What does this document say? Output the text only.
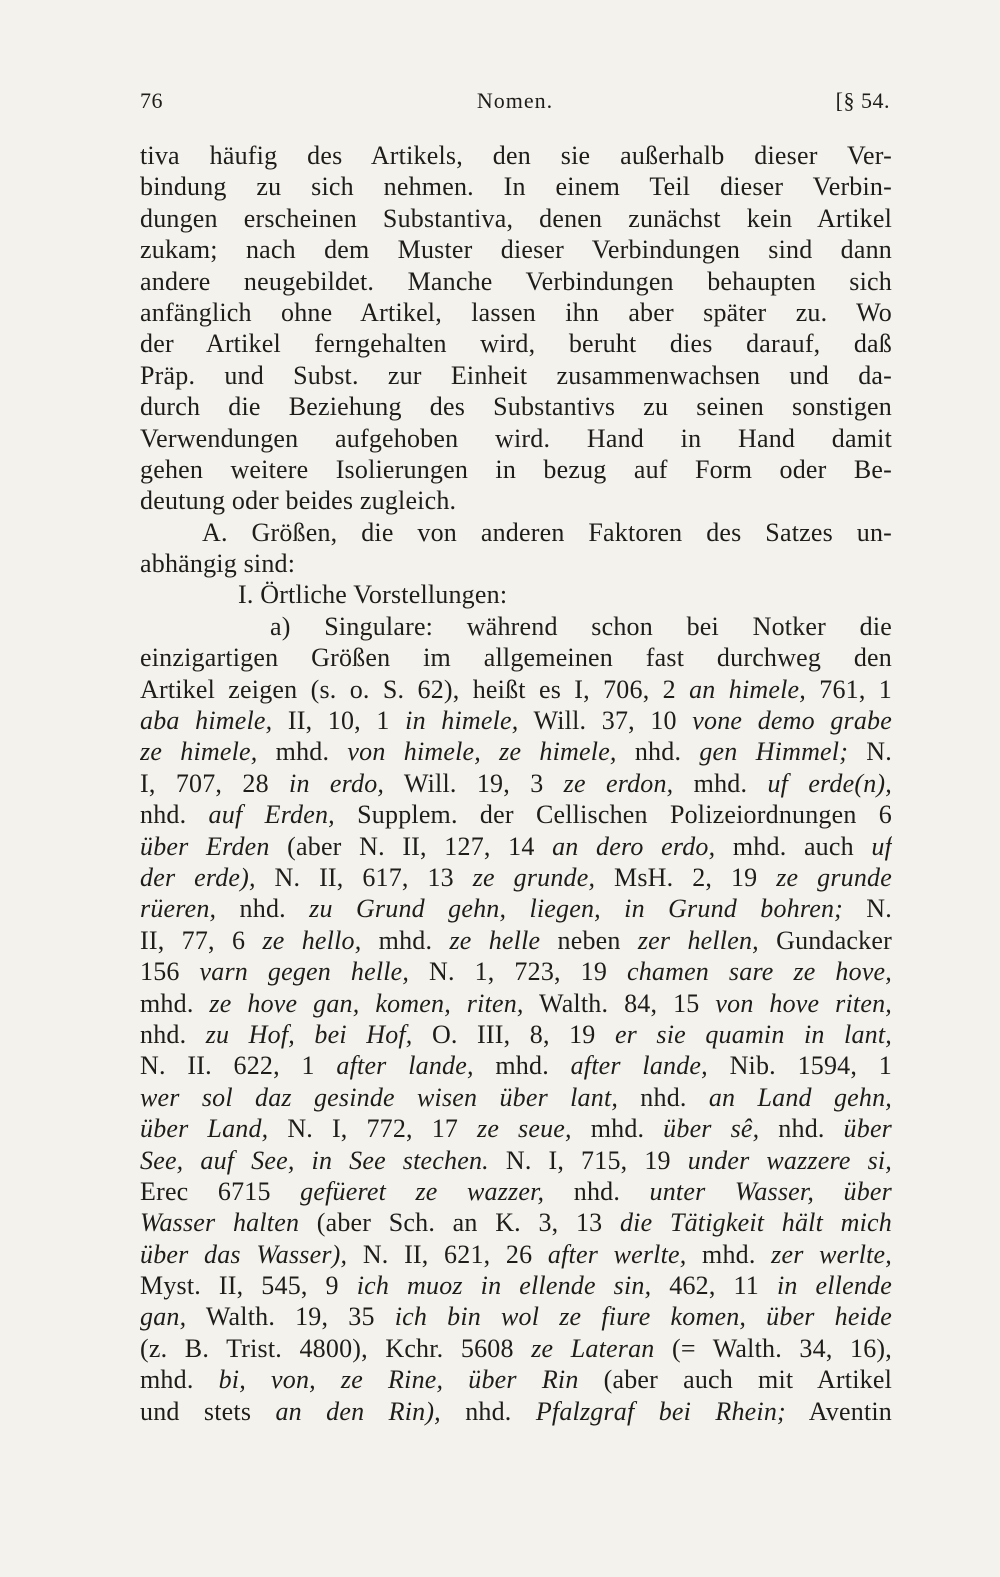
76	Nomen.	[§ 54.
tiva häufig des Artikels, den sie außerhalb dieser Ver-
bindung zu sich nehmen. In einem Teil dieser Verbin-
dungen erscheinen Substantiva, denen zunächst kein Artikel
zukam; nach dem Muster dieser Verbindungen sind dann
andere neugebildet. Manche Verbindungen behaupten sich
anfänglich ohne Artikel, lassen ihn aber später zu. Wo
der Artikel ferngehalten wird, beruht dies darauf, daß
Präp. und Subst. zur Einheit zusammenwachsen und da-
durch die Beziehung des Substantivs zu seinen sonstigen
Verwendungen aufgehoben wird. Hand in Hand damit
gehen weitere Isolierungen in bezug auf Form oder Be-
deutung oder beides zugleich.
A. Größen, die von anderen Faktoren des Satzes un-
abhängig sind:
I. Örtliche Vorstellungen:
a) Singulare: während schon bei Notker die
einzigartigen Größen im allgemeinen fast durchweg den
Artikel zeigen (s. o. S. 62), heißt es I, 706, 2 an himele, 761, 1
aba himele, II, 10, 1 in himele, Will. 37, 10 vone demo grabe
ze himele, mhd. von himele, ze himele, nhd. gen Himmel; N.
I, 707, 28 in erdo, Will. 19, 3 ze erdon, mhd. uf erde(n),
nhd. auf Erden, Supplem. der Cellischen Polizeiordnungen 6
über Erden (aber N. II, 127, 14 an dero erdo, mhd. auch uf
der erde), N. II, 617, 13 ze grunde, MsH. 2, 19 ze grunde
rüeren, nhd. zu Grund gehn, liegen, in Grund bohren; N.
II, 77, 6 ze hello, mhd. ze helle neben zer hellen, Gundacker
156 varn gegen helle, N. 1, 723, 19 chamen sare ze hove,
mhd. ze hove gan, komen, riten, Walth. 84, 15 von hove riten,
nhd. zu Hof, bei Hof, O. III, 8, 19 er sie quamin in lant,
N. II. 622, 1 after lande, mhd. after lande, Nib. 1594, 1
wer sol daz gesinde wisen über lant, nhd. an Land gehn,
über Land, N. I, 772, 17 ze seue, mhd. über sê, nhd. über
See, auf See, in See stechen. N. I, 715, 19 under wazzere si,
Erec 6715 gefüeret ze wazzer, nhd. unter Wasser, über
Wasser halten (aber Sch. an K. 3, 13 die Tätigkeit hält mich
über das Wasser), N. II, 621, 26 after werlte, mhd. zer werlte,
Myst. II, 545, 9 ich muoz in ellende sin, 462, 11 in ellende
gan, Walth. 19, 35 ich bin wol ze fiure komen, über heide
(z. B. Trist. 4800), Kchr. 5608 ze Lateran (= Walth. 34, 16),
mhd. bi, von, ze Rine, über Rin (aber auch mit Artikel
und stets an den Rin), nhd. Pfalzgraf bei Rhein; Aventin
